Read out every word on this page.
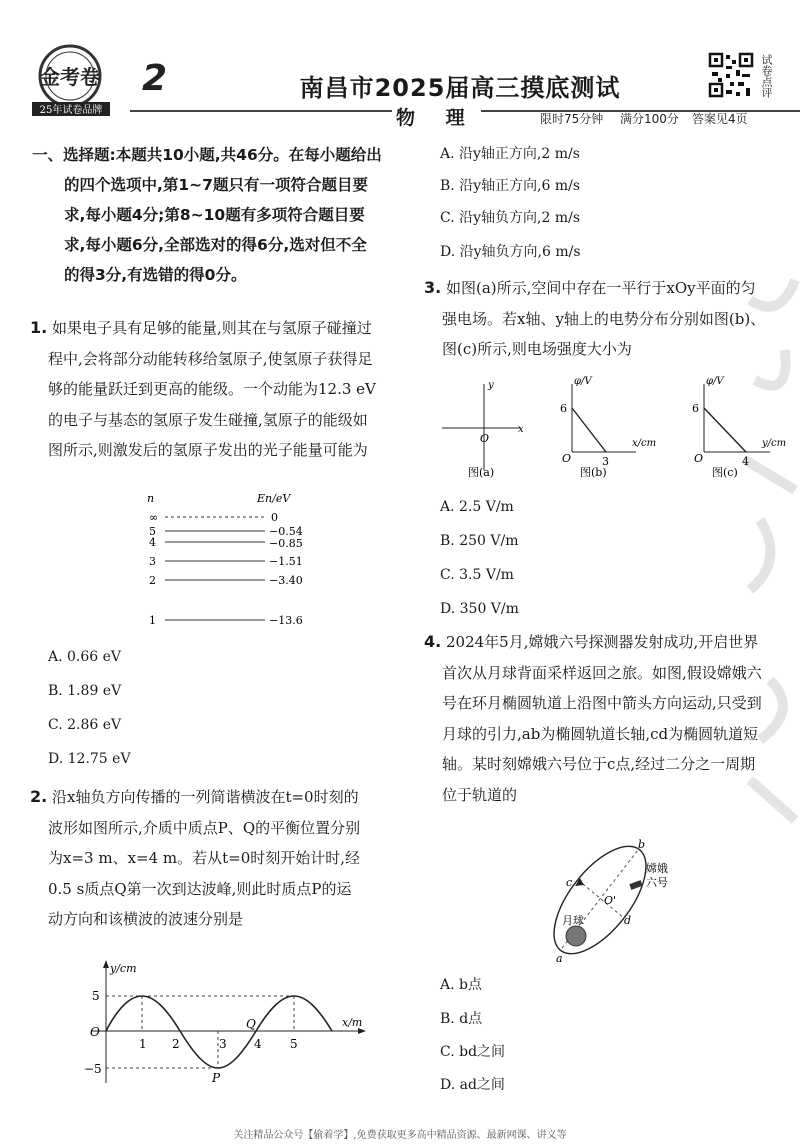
金考卷
25年试卷品牌
2	南昌市2025届高三摸底测试
物 理	限时75分钟 满分100分 答案见4页
试卷点评
一、选择题:本题共10小题,共46分。在每小题给出
的四个选项中,第1~7题只有一项符合题目要
求,每小题4分;第8~10题有多项符合题目要
求,每小题6分,全部选对的得6分,选对但不全
的得3分,有选错的得0分。
1. 如果电子具有足够的能量,则其在与氢原子碰撞过
程中,会将部分动能转移给氢原子,使氢原子获得足
够的能量跃迁到更高的能级。一个动能为12.3 eV
的电子与基态的氢原子发生碰撞,氢原子的能级如
图所示,则激发后的氢原子发出的光子能量可能为
n	En/eV
∞	0
5	−0.54
4	−0.85
3	−1.51
2	−3.40
1	−13.6
A. 0.66 eV
B. 1.89 eV
C. 2.86 eV
D. 12.75 eV
2. 沿x轴负方向传播的一列简谐横波在t=0时刻的
波形如图所示,介质中质点P、Q的平衡位置分别
为x=3 m、x=4 m。若从t=0时刻开始计时,经
0.5 s质点Q第一次到达波峰,则此时质点P的运
动方向和该横波的波速分别是
y/cm
x/m
O
5
−5
1 2	3 4 5
P
Q
A. 沿y轴正方向,2 m/s
B. 沿y轴正方向,6 m/s
C. 沿y轴负方向,2 m/s
D. 沿y轴负方向,6 m/s
3. 如图(a)所示,空间中存在一平行于xOy平面的匀
强电场。若x轴、y轴上的电势分布分别如图(b)、
图(c)所示,则电场强度大小为
y
x
O
图(a)
φ/V
x/cm
6
3
O
图(b)
φ/V
y/cm
6
4
O
图(c)
A. 2.5 V/m
B. 250 V/m
C. 3.5 V/m
D. 350 V/m
4. 2024年5月,嫦娥六号探测器发射成功,开启世界
首次从月球背面采样返回之旅。如图,假设嫦娥六
号在环月椭圆轨道上沿图中箭头方向运动,只受到
月球的引力,ab为椭圆轨道长轴,cd为椭圆轨道短
轴。某时刻嫦娥六号位于c点,经过二分之一周期
位于轨道的
a
b
c
d
O'
月球
嫦娥
六号
A. b点
B. d点
C. bd之间
D. ad之间
关注精品公众号【偷着学】,免费获取更多高中精品资源、最新网课、讲义等
